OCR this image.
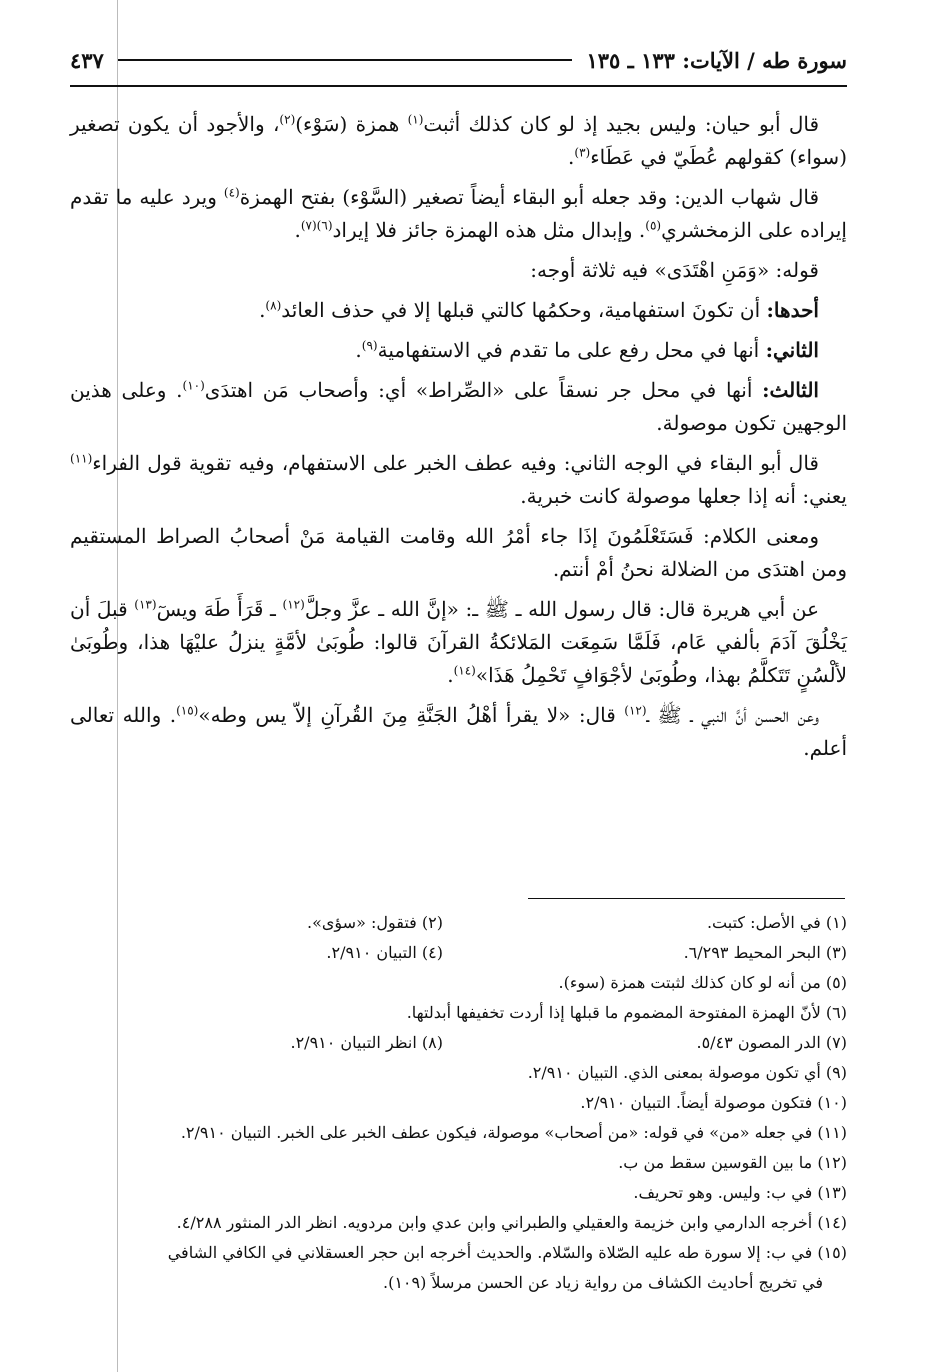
سورة طه / الآيات: ١٣٣ ـ ١٣٥
٤٣٧

قال أبو حيان: وليس بجيد إذ لو كان كذلك أثبت$^{(١)}$ همزة (سَوْء)$^{(٢)}$، والأجود أن يكون تصغير (سواء) كقولهم عُطَيّ في عَطَاء$^{(٣)}$.

قال شهاب الدين: وقد جعله أبو البقاء أيضاً تصغير (السَّوْء) بفتح الهمزة$^{(٤)}$ ويرد عليه ما تقدم إيراده على الزمخشري$^{(٥)}$. وإبدال مثل هذه الهمزة جائز فلا إيراد$^{(٦)(٧)}$.

قوله: «وَمَنِ اهْتَدَى» فيه ثلاثة أوجه:

أحدها: أن تكونَ استفهامية، وحكمُها كالتي قبلها إلا في حذف العائد$^{(٨)}$.

الثاني: أنها في محل رفع على ما تقدم في الاستفهامية$^{(٩)}$.

الثالث: أنها في محل جر نسقاً على «الصِّراط» أي: وأصحاب مَن اهتدَى$^{(١٠)}$. وعلى هذين الوجهين تكون موصولة.

قال أبو البقاء في الوجه الثاني: وفيه عطف الخبر على الاستفهام، وفيه تقوية قول الفراء$^{(١١)}$ يعني: أنه إذا جعلها موصولة كانت خبرية.

ومعنى الكلام: فَسَتَعْلَمُونَ إذَا جاء أمْرُ الله وقامت القيامة مَنْ أصحابُ الصراط المستقيم ومن اهتدَى من الضلالة نحنُ أمْ أنتم.

عن أبي هريرة قال: قال رسول الله ـ ﷺ ـ: «إنَّ الله ـ عزَّ وجلَّ$^{(١٢)}$ ـ قَرَأَ طَهَ ويسٓ$^{(١٣)}$ قبلَ أن يَخْلُقَ آدَمَ بألفي عَام، فَلَمَّا سَمِعَت المَلائكةُ القرآنَ قالوا: طُوبَىٰ لأمَّةٍ ينزلُ عليْهَا هذا، وطُوبَىٰ لألْسُنٍ تَتَكلَّمُ بهذا، وطُوبَىٰ لأجْوَافٍ تَحْمِلُ هَذَا»$^{(١٤)}$.

وعن الحسن أنَّ النبي ـ ﷺ ـ$^{(١٢)}$ قال: «لا يقرأ أهْلُ الجَنَّةِ مِنَ القُرآنِ إلاّ يس وطه»$^{(١٥)}$. والله تعالى أعلم.

(١) في الأصل: كتبت.
(٢) فتقول: «سؤى».
(٣) البحر المحيط ٦/٢٩٣.
(٤) التبيان ٢/٩١٠.
(٥) من أنه لو كان كذلك لثبتت همزة (سوء).
(٦) لأنّ الهمزة المفتوحة المضموم ما قبلها إذا أردت تخفيفها أبدلتها.
(٧) الدر المصون ٥/٤٣.
(٨) انظر التبيان ٢/٩١٠.
(٩) أي تكون موصولة بمعنى الذي. التبيان ٢/٩١٠.
(١٠) فتكون موصولة أيضاً. التبيان ٢/٩١٠.
(١١) في جعله «من» في قوله: «من أصحاب» موصولة، فيكون عطف الخبر على الخبر. التبيان ٢/٩١٠.
(١٢) ما بين القوسين سقط من ب.
(١٣) في ب: وليس. وهو تحريف.
(١٤) أخرجه الدارمي وابن خزيمة والعقيلي والطبراني وابن عدي وابن مردويه. انظر الدر المنثور ٤/٢٨٨.
(١٥) في ب: إلا سورة طه عليه الصّلاة والسّلام. والحديث أخرجه ابن حجر العسقلاني في الكافي الشافي
في تخريج أحاديث الكشاف من رواية زياد عن الحسن مرسلاً (١٠٩).
